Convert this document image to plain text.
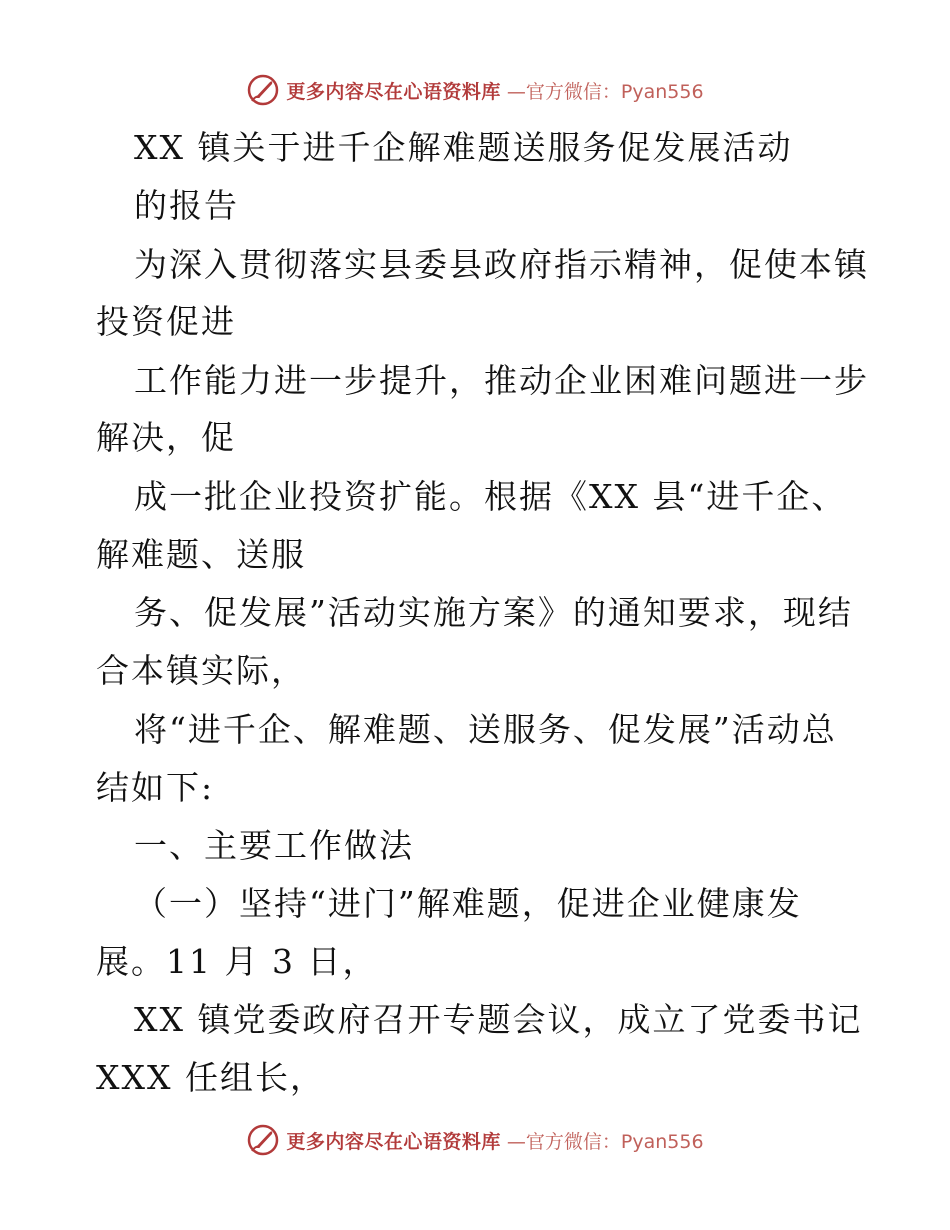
更多内容尽在心语资料库 —官方微信：Pyan556
XX 镇关于进千企解难题送服务促发展活动
的报告
为深入贯彻落实县委县政府指示精神，促使本镇
投资促进
工作能力进一步提升，推动企业困难问题进一步
解决，促
成一批企业投资扩能。根据《XX 县“进千企、
解难题、送服
务、促发展”活动实施方案》的通知要求，现结
合本镇实际，
将“进千企、解难题、送服务、促发展”活动总
结如下:
一、主要工作做法
（一）坚持“进门”解难题，促进企业健康发
展。11 月 3 日，
XX 镇党委政府召开专题会议，成立了党委书记
XXX 任组长，
更多内容尽在心语资料库 —官方微信：Pyan556
